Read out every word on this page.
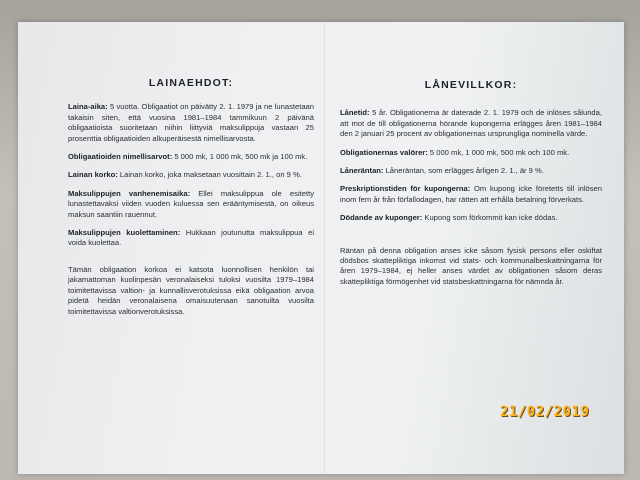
LAINAEHDOT:

Laina-aika: 5 vuotta. Obligaatiot on päivätty 2. 1. 1979 ja ne lunastetaan takaisin siten, että vuosina 1981–1984 tammikuun 2 päivänä obligaatioista suoritetaan niihin liittyviä maksulippuja vastaan 25 prosenttia obligaatioiden alkuperäisestä nimellisarvosta.

Obligaatioiden nimellisarvot: 5 000 mk, 1 000 mk, 500 mk ja 100 mk.

Lainan korko: Lainan korko, joka maksetaan vuosittain 2. 1., on 9 %.

Maksulippujen vanhenemisaika: Ellei maksulippua ole esitetty lunastettavaksi viiden vuoden kuluessa sen erääntymisestä, on oikeus maksun saantiin rauennut.

Maksulippujen kuolettaminen: Hukkaan joutunutta maksulippua ei voida kuolettaa.

Tämän obligaation korkoa ei katsota luonnollisen henkilön tai jakamattoman kuolinpesän veronalaiseksi tuloksi vuosilta 1979–1984 toimitettavissa valtion- ja kunnallisverotuksissa eikä obligaation arvoa pidetä heidän veronalaisena omaisuutenaan sanotuilta vuosilta toimitettavissa valtionverotuksissa.

LÅNEVILLKOR:

Lånetid: 5 år. Obligationerna är daterade 2. 1. 1979 och de inlöses sålunda, att mot de till obligationerna hörande kupongerna erlägges åren 1981–1984 den 2 januari 25 procent av obligationernas ursprungliga nominella värde.

Obligationernas valörer: 5 000 mk, 1 000 mk, 500 mk och 100 mk.

Låneräntan: Låneräntan, som erlägges årligen 2. 1., är 9 %.

Preskriptionstiden för kupongerna: Om kupong icke företetts till inlösen inom fem år från förfallodagen, har rätten att erhålla betalning förverkats.

Dödande av kuponger: Kupong som förkommit kan icke dödas.

Räntan på denna obligation anses icke såsom fysisk persons eller oskiftat dödsbos skattepliktiga inkomst vid stats- och kommunalbeskattningarna för åren 1979–1984, ej heller anses värdet av obligationen såsom deras skattepliktiga förmögenhet vid statsbeskattningarna för nämnda år.

21/02/2019
